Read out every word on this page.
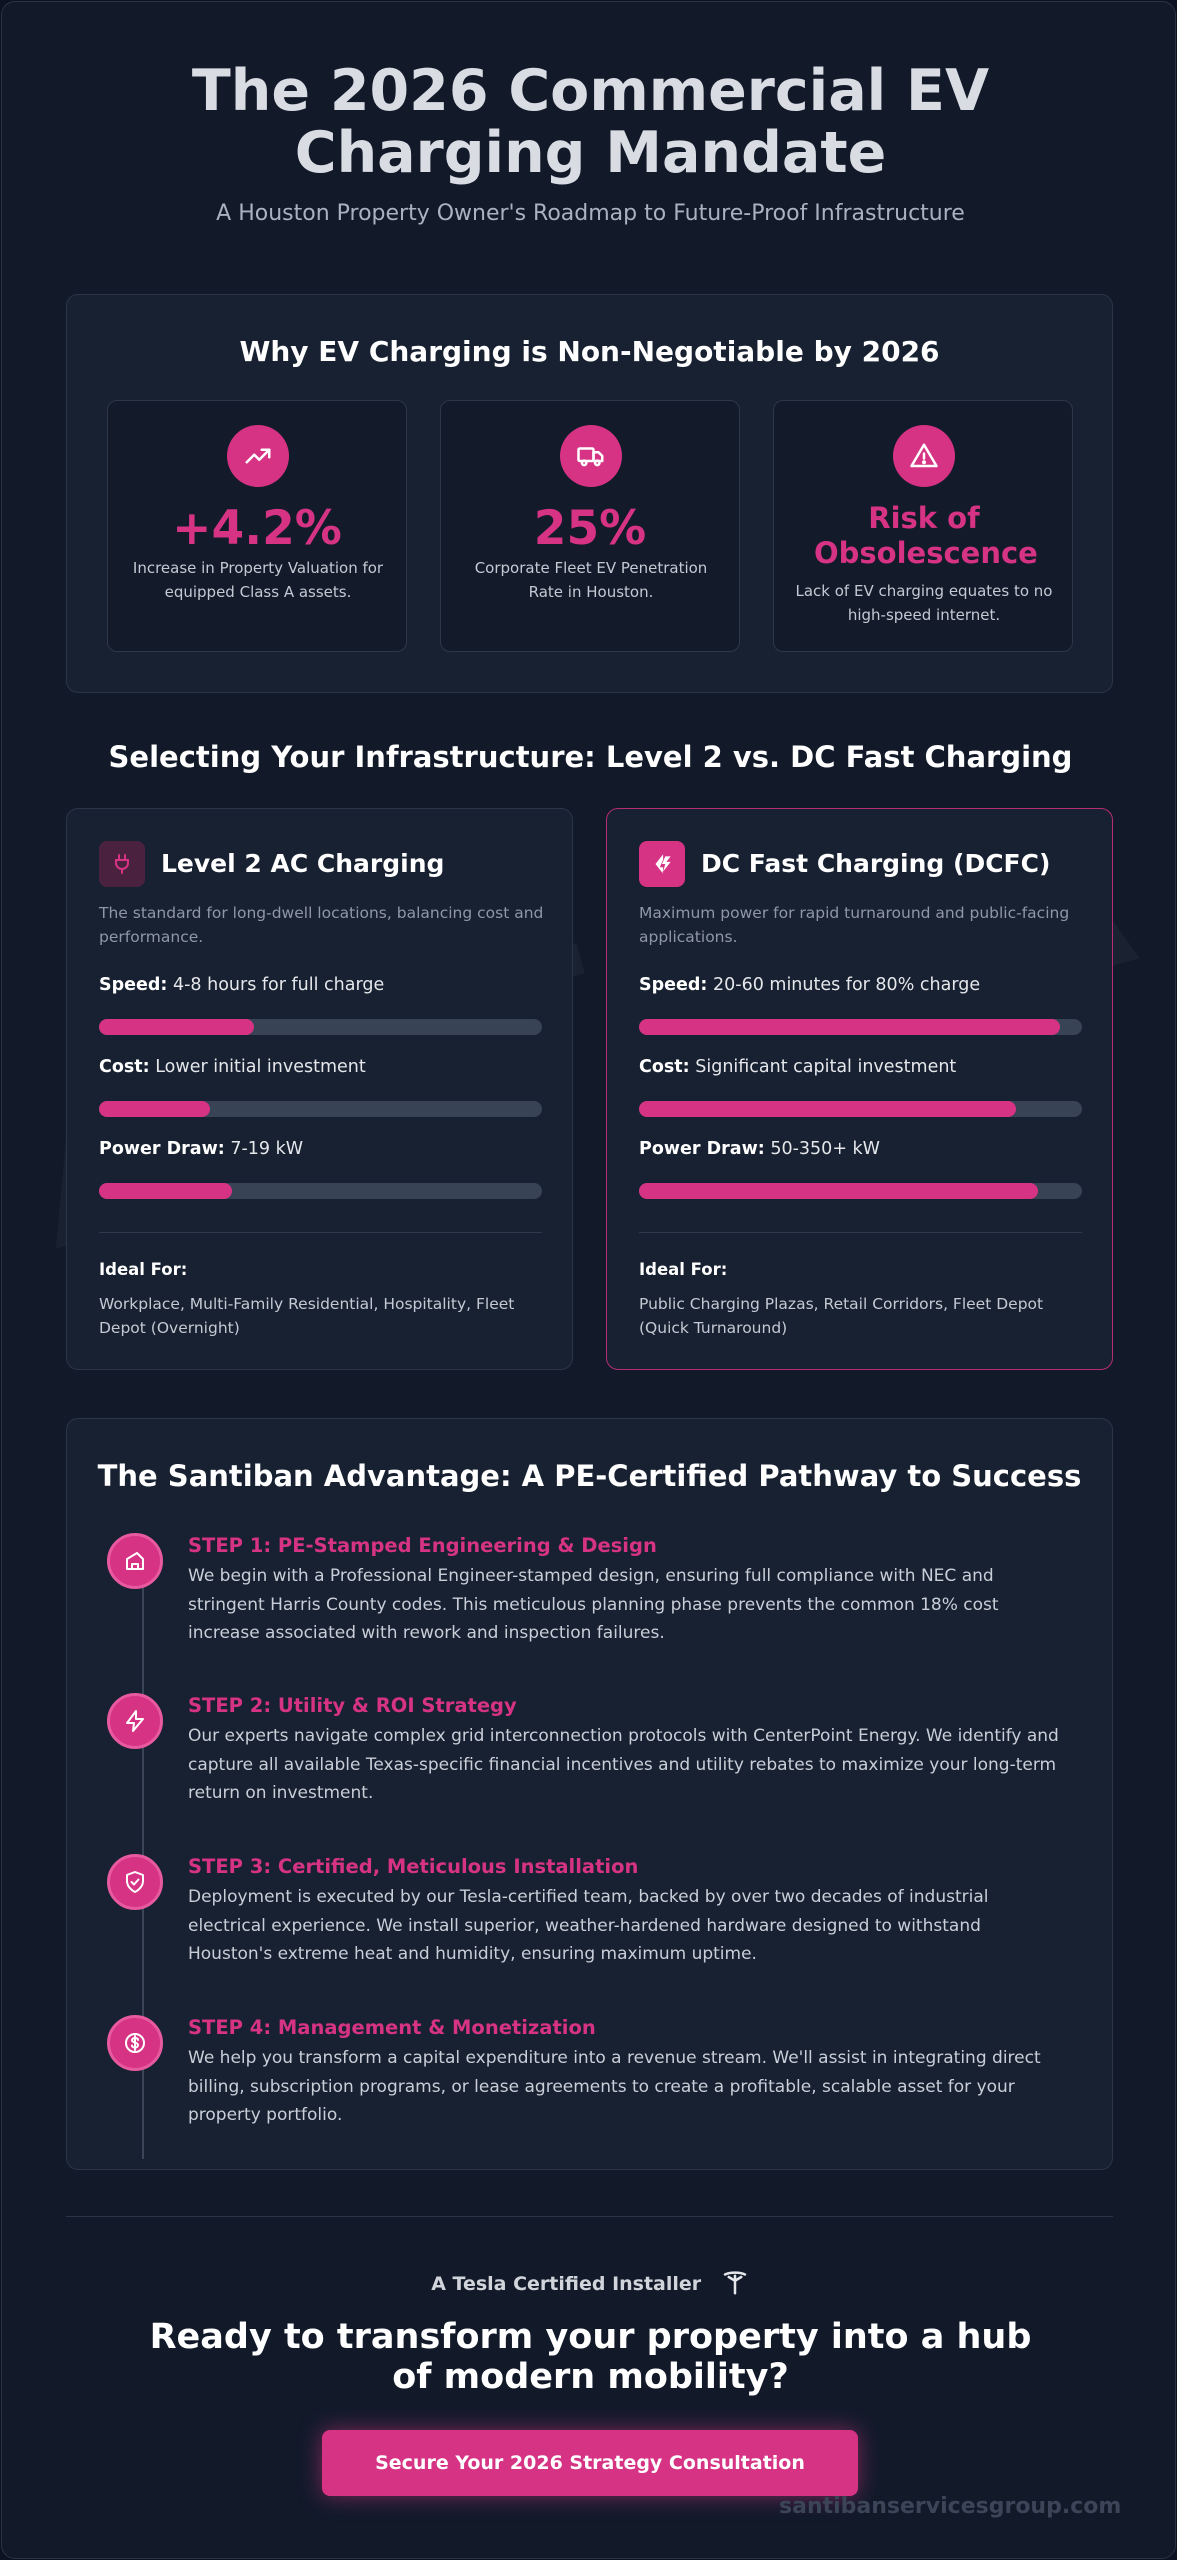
The 2026 Commercial EV
Charging Mandate
A Houston Property Owner's Roadmap to Future-Proof Infrastructure
Why EV Charging is Non-Negotiable by 2026
+4.2%
Increase in Property Valuation for equipped Class A assets.
25%
Corporate Fleet EV Penetration Rate in Houston.
Risk of Obsolescence
Lack of EV charging equates to no high-speed internet.
Selecting Your Infrastructure: Level 2 vs. DC Fast Charging
Level 2 AC Charging
The standard for long-dwell locations, balancing cost and performance.
Speed: 4-8 hours for full charge
Cost: Lower initial investment
Power Draw: 7-19 kW
Ideal For:
Workplace, Multi-Family Residential, Hospitality, Fleet Depot (Overnight)
DC Fast Charging (DCFC)
Maximum power for rapid turnaround and public-facing applications.
Speed: 20-60 minutes for 80% charge
Cost: Significant capital investment
Power Draw: 50-350+ kW
Ideal For:
Public Charging Plazas, Retail Corridors, Fleet Depot (Quick Turnaround)
The Santiban Advantage: A PE-Certified Pathway to Success
STEP 1: PE-Stamped Engineering & Design
We begin with a Professional Engineer-stamped design, ensuring full compliance with NEC and stringent Harris County codes. This meticulous planning phase prevents the common 18% cost increase associated with rework and inspection failures.
STEP 2: Utility & ROI Strategy
Our experts navigate complex grid interconnection protocols with CenterPoint Energy. We identify and capture all available Texas-specific financial incentives and utility rebates to maximize your long-term return on investment.
STEP 3: Certified, Meticulous Installation
Deployment is executed by our Tesla-certified team, backed by over two decades of industrial electrical experience. We install superior, weather-hardened hardware designed to withstand Houston's extreme heat and humidity, ensuring maximum uptime.
STEP 4: Management & Monetization
We help you transform a capital expenditure into a revenue stream. We'll assist in integrating direct billing, subscription programs, or lease agreements to create a profitable, scalable asset for your property portfolio.
A Tesla Certified Installer
Ready to transform your property into a hub
of modern mobility?
Secure Your 2026 Strategy Consultation
santibanservicesgroup.com
